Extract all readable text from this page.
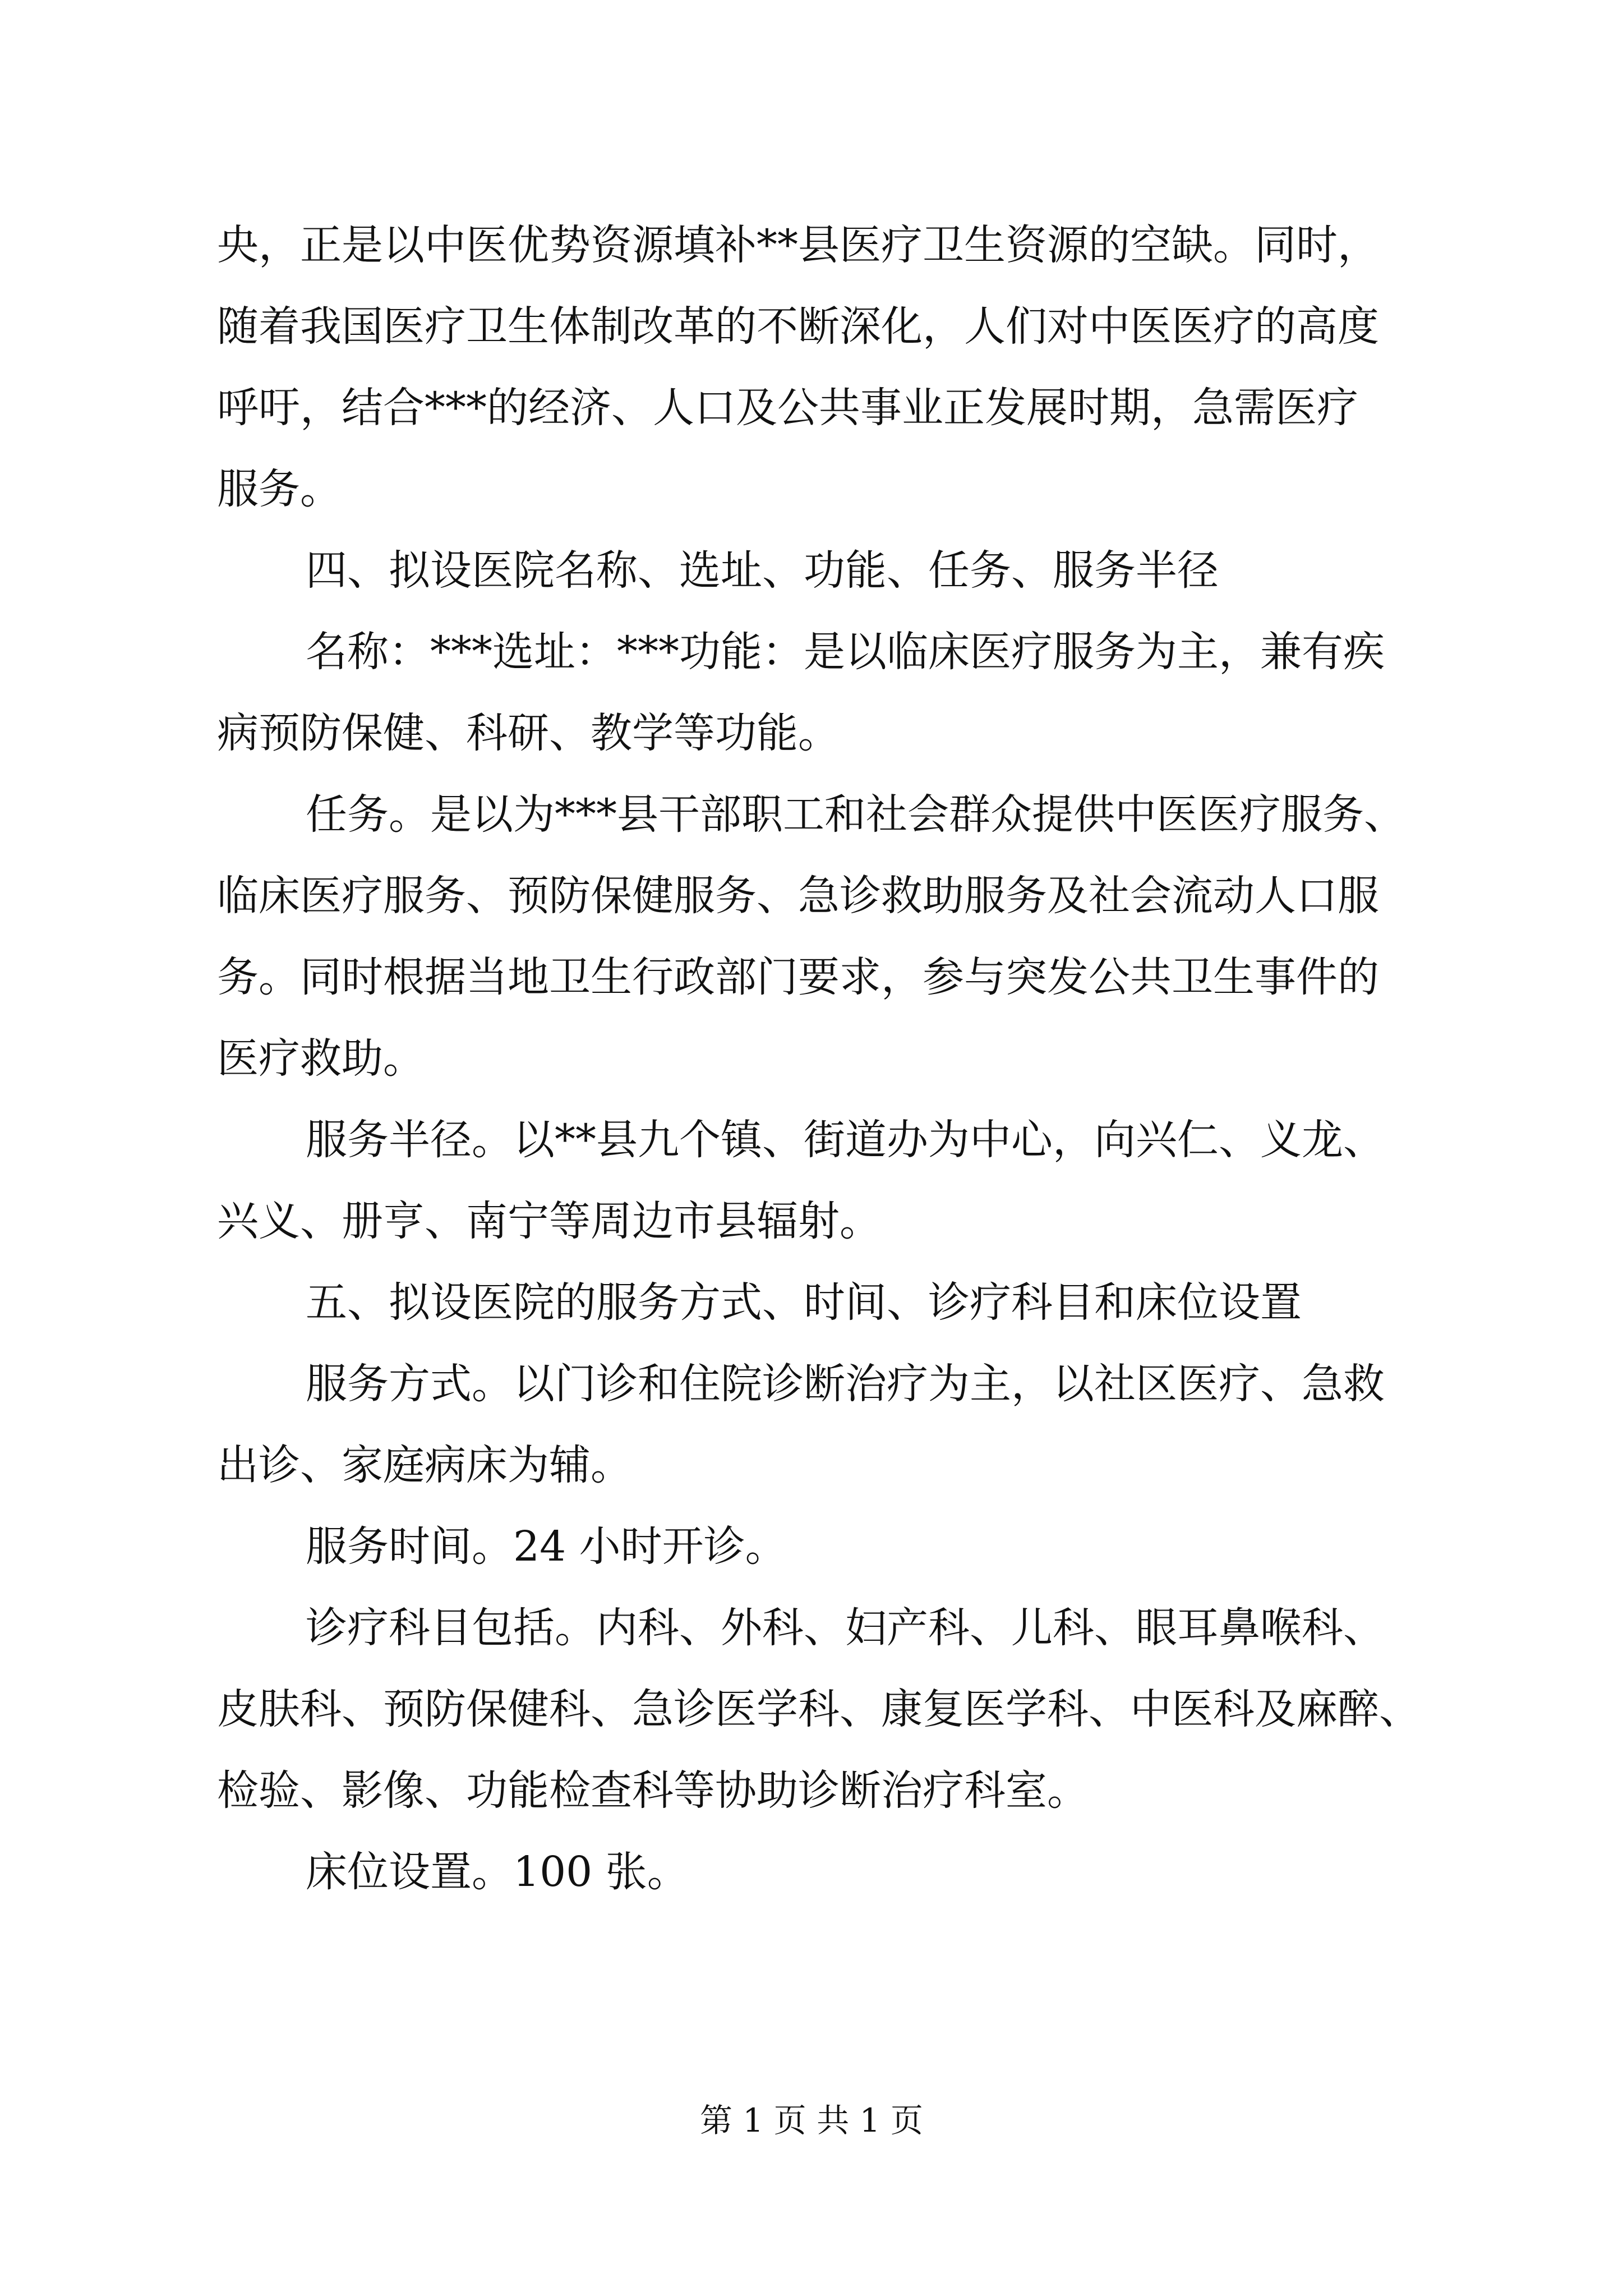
央，正是以中医优势资源填补**县医疗卫生资源的空缺。同时，
随着我国医疗卫生体制改革的不断深化，人们对中医医疗的高度
呼吁，结合***的经济、人口及公共事业正发展时期，急需医疗
服务。
四、拟设医院名称、选址、功能、任务、服务半径
名称：***选址：***功能：是以临床医疗服务为主，兼有疾
病预防保健、科研、教学等功能。
任务。是以为***县干部职工和社会群众提供中医医疗服务、
临床医疗服务、预防保健服务、急诊救助服务及社会流动人口服
务。同时根据当地卫生行政部门要求，参与突发公共卫生事件的
医疗救助。
服务半径。以**县九个镇、街道办为中心，向兴仁、义龙、
兴义、册亨、南宁等周边市县辐射。
五、拟设医院的服务方式、时间、诊疗科目和床位设置
服务方式。以门诊和住院诊断治疗为主，以社区医疗、急救
出诊、家庭病床为辅。
服务时间。24 小时开诊。
诊疗科目包括。内科、外科、妇产科、儿科、眼耳鼻喉科、
皮肤科、预防保健科、急诊医学科、康复医学科、中医科及麻醉、
检验、影像、功能检查科等协助诊断治疗科室。
床位设置。100 张。
第 1 页 共 1 页
